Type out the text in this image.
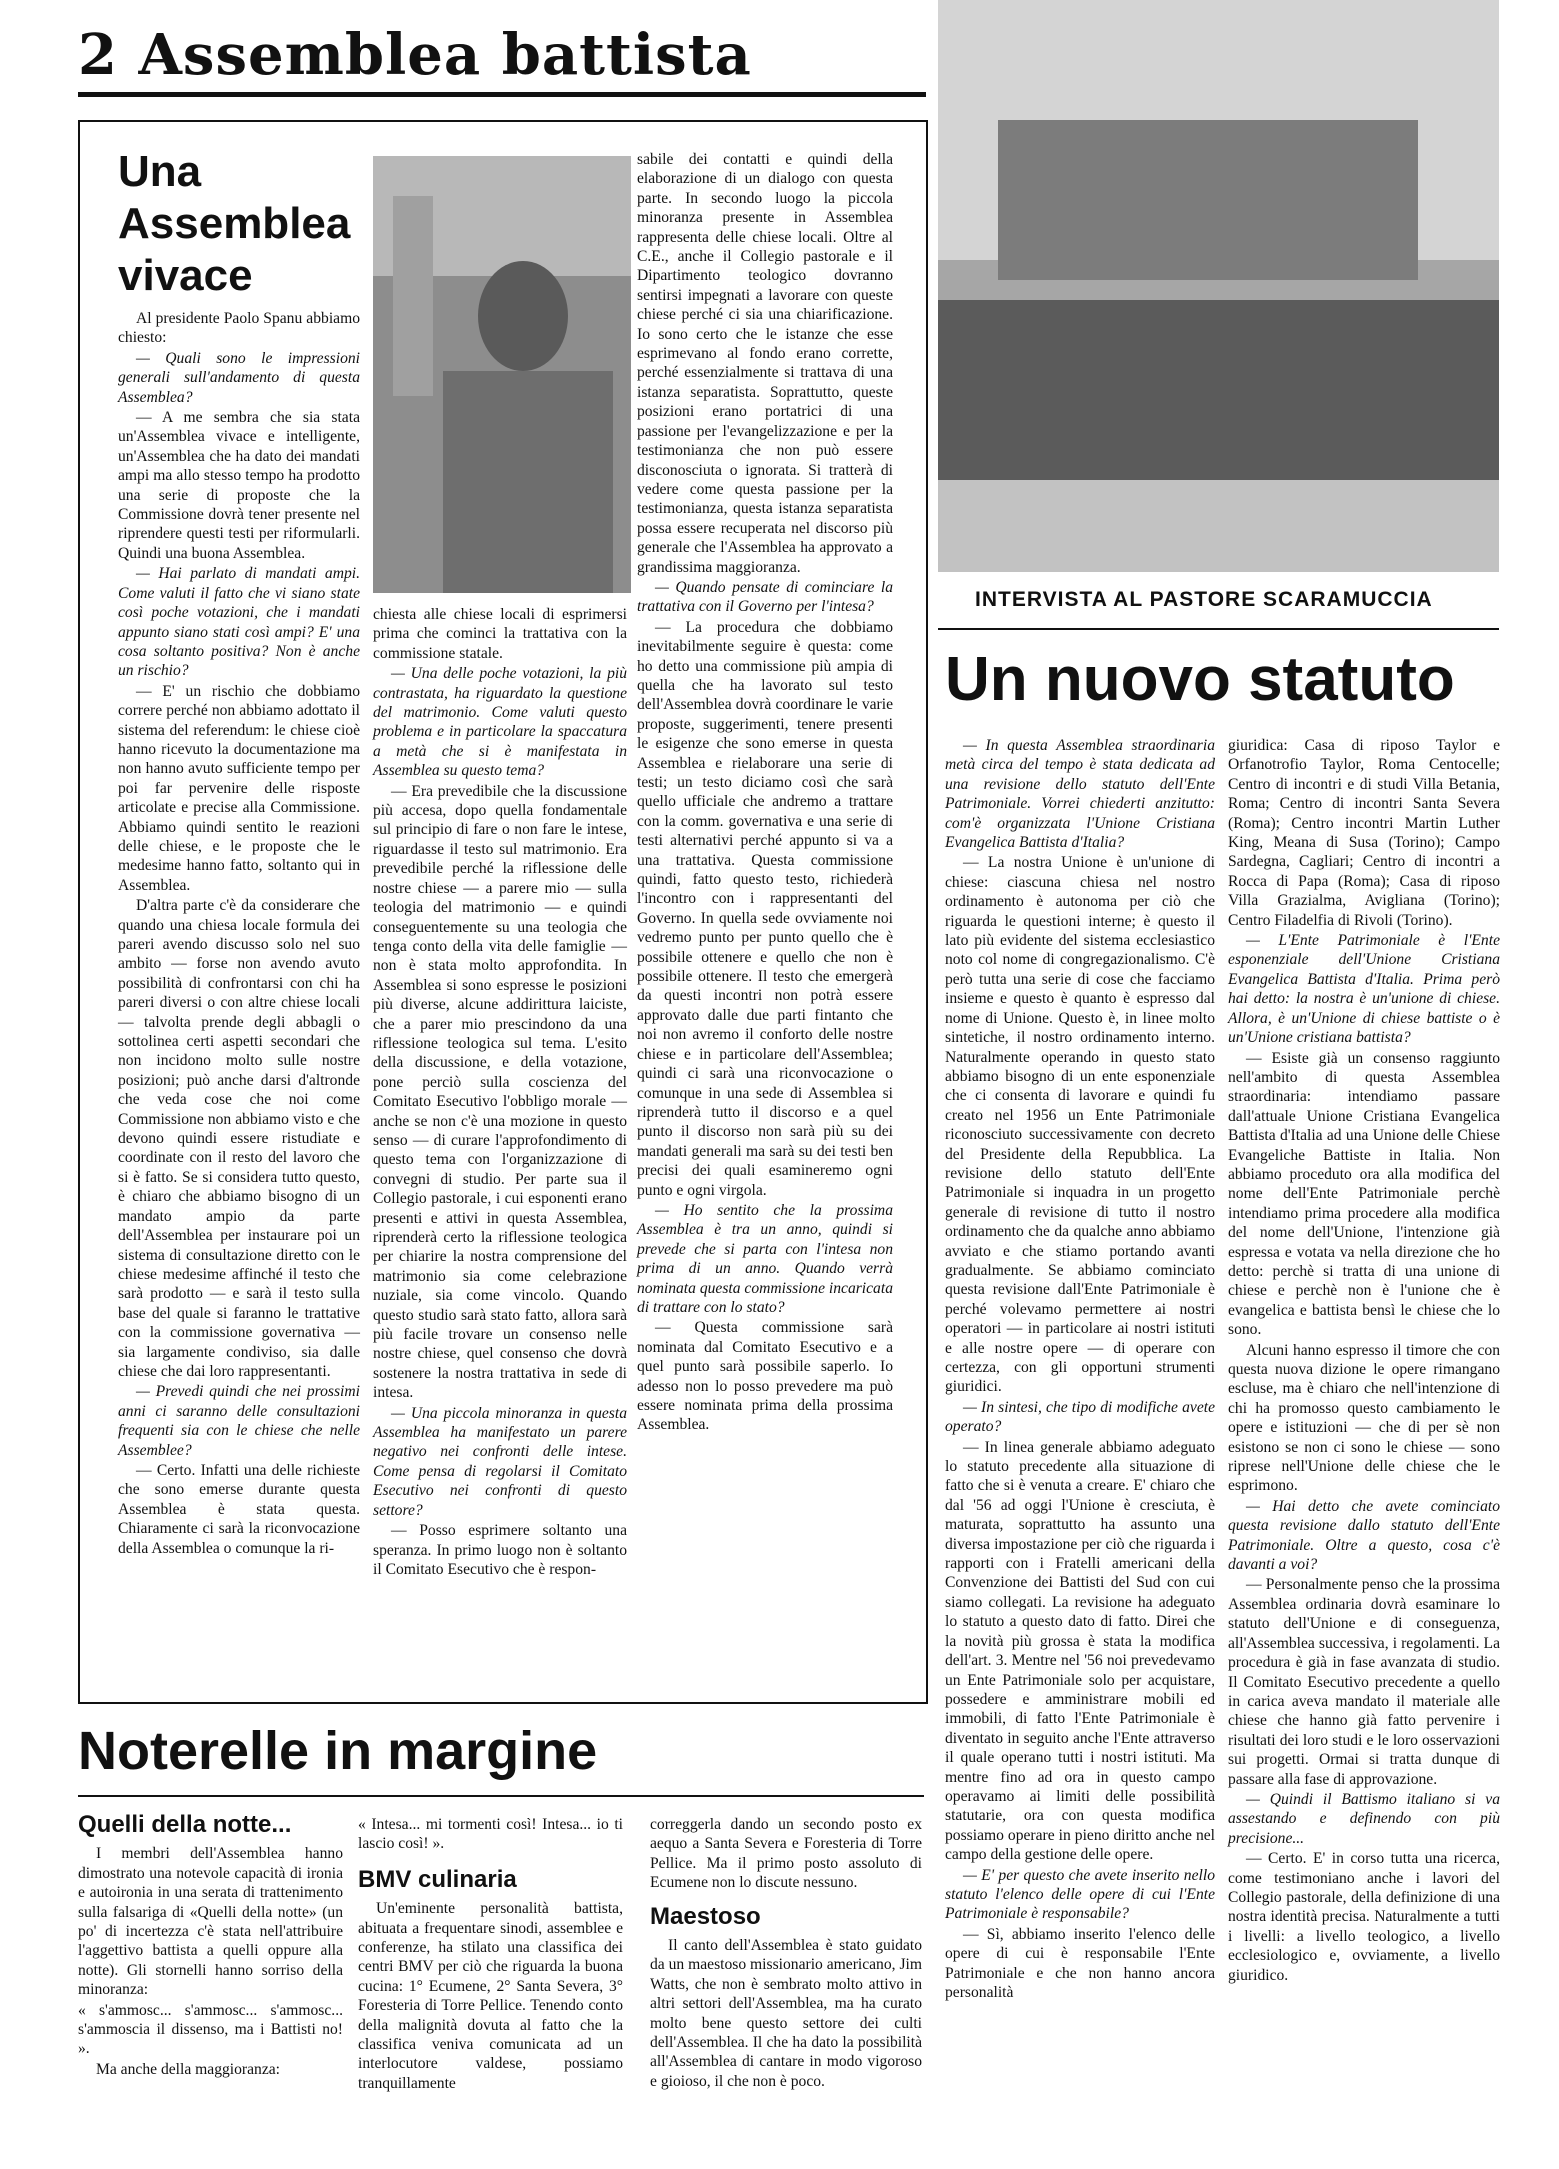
2 Assemblea battista
Una
Assemblea
vivace

Al presidente Paolo Spanu abbiamo chiesto:

— Quali sono le impressioni generali sull'andamento di questa Assemblea?

— A me sembra che sia stata un'Assemblea vivace e intelligente, un'Assemblea che ha dato dei mandati ampi ma allo stesso tempo ha prodotto una serie di proposte che la Commissione dovrà tener presente nel riprendere questi testi per riformularli. Quindi una buona Assemblea.

— Hai parlato di mandati ampi. Come valuti il fatto che vi siano state così poche votazioni, che i mandati appunto siano stati così ampi? E' una cosa soltanto positiva? Non è anche un rischio?

— E' un rischio che dobbiamo correre perché non abbiamo adottato il sistema del referendum: le chiese cioè hanno ricevuto la documentazione ma non hanno avuto sufficiente tempo per poi far pervenire delle risposte articolate e precise alla Commissione. Abbiamo quindi sentito le reazioni delle chiese, e le proposte che le medesime hanno fatto, soltanto qui in Assemblea.

D'altra parte c'è da considerare che quando una chiesa locale formula dei pareri avendo discusso solo nel suo ambito — forse non avendo avuto possibilità di confrontarsi con chi ha pareri diversi o con altre chiese locali — talvolta prende degli abbagli o sottolinea certi aspetti secondari che non incidono molto sulle nostre posizioni; può anche darsi d'altronde che veda cose che noi come Commissione non abbiamo visto e che devono quindi essere ristudiate e coordinate con il resto del lavoro che si è fatto. Se si considera tutto questo, è chiaro che abbiamo bisogno di un mandato ampio da parte dell'Assemblea per instaurare poi un sistema di consultazione diretto con le chiese medesime affinché il testo che sarà prodotto — e sarà il testo sulla base del quale si faranno le trattative con la commissione governativa — sia largamente condiviso, sia dalle chiese che dai loro rappresentanti.

— Prevedi quindi che nei prossimi anni ci saranno delle consultazioni frequenti sia con le chiese che nelle Assemblee?

— Certo. Infatti una delle richieste che sono emerse durante questa Assemblea è stata questa. Chiaramente ci sarà la riconvocazione della Assemblea o comunque la ri-

chiesta alle chiese locali di esprimersi prima che cominci la trattativa con la commissione statale.

— Una delle poche votazioni, la più contrastata, ha riguardato la questione del matrimonio. Come valuti questo problema e in particolare la spaccatura a metà che si è manifestata in Assemblea su questo tema?

— Era prevedibile che la discussione più accesa, dopo quella fondamentale sul principio di fare o non fare le intese, riguardasse il testo sul matrimonio. Era prevedibile perché la riflessione delle nostre chiese — a parere mio — sulla teologia del matrimonio — e quindi conseguentemente su una teologia che tenga conto della vita delle famiglie — non è stata molto approfondita. In Assemblea si sono espresse le posizioni più diverse, alcune addirittura laiciste, che a parer mio prescindono da una riflessione teologica sul tema. L'esito della discussione, e della votazione, pone perciò sulla coscienza del Comitato Esecutivo l'obbligo morale — anche se non c'è una mozione in questo senso — di curare l'approfondimento di questo tema con l'organizzazione di convegni di studio. Per parte sua il Collegio pastorale, i cui esponenti erano presenti e attivi in questa Assemblea, riprenderà certo la riflessione teologica per chiarire la nostra comprensione del matrimonio sia come celebrazione nuziale, sia come vincolo. Quando questo studio sarà stato fatto, allora sarà più facile trovare un consenso nelle nostre chiese, quel consenso che dovrà sostenere la nostra trattativa in sede di intesa.

— Una piccola minoranza in questa Assemblea ha manifestato un parere negativo nei confronti delle intese. Come pensa di regolarsi il Comitato Esecutivo nei confronti di questo settore?

— Posso esprimere soltanto una speranza. In primo luogo non è soltanto il Comitato Esecutivo che è respon-

sabile dei contatti e quindi della elaborazione di un dialogo con questa parte. In secondo luogo la piccola minoranza presente in Assemblea rappresenta delle chiese locali. Oltre al C.E., anche il Collegio pastorale e il Dipartimento teologico dovranno sentirsi impegnati a lavorare con queste chiese perché ci sia una chiarificazione. Io sono certo che le istanze che esse esprimevano al fondo erano corrette, perché essenzialmente si trattava di una istanza separatista. Soprattutto, queste posizioni erano portatrici di una passione per l'evangelizzazione e per la testimonianza che non può essere disconosciuta o ignorata. Si tratterà di vedere come questa passione per la testimonianza, questa istanza separatista possa essere recuperata nel discorso più generale che l'Assemblea ha approvato a grandissima maggioranza.

— Quando pensate di cominciare la trattativa con il Governo per l'intesa?

— La procedura che dobbiamo inevitabilmente seguire è questa: come ho detto una commissione più ampia di quella che ha lavorato sul testo dell'Assemblea dovrà coordinare le varie proposte, suggerimenti, tenere presenti le esigenze che sono emerse in questa Assemblea e rielaborare una serie di testi; un testo diciamo così che sarà quello ufficiale che andremo a trattare con la comm. governativa e una serie di testi alternativi perché appunto si va a una trattativa. Questa commissione quindi, fatto questo testo, richiederà l'incontro con i rappresentanti del Governo. In quella sede ovviamente noi vedremo punto per punto quello che è possibile ottenere e quello che non è possibile ottenere. Il testo che emergerà da questi incontri non potrà essere approvato dalle due parti fintanto che noi non avremo il conforto delle nostre chiese e in particolare dell'Assemblea; quindi ci sarà una riconvocazione o comunque in una sede di Assemblea si riprenderà tutto il discorso e a quel punto il discorso non sarà più su dei mandati generali ma sarà su dei testi ben precisi dei quali esamineremo ogni punto e ogni virgola.

— Ho sentito che la prossima Assemblea è tra un anno, quindi si prevede che si parta con l'intesa non prima di un anno. Quando verrà nominata questa commissione incaricata di trattare con lo stato?

— Questa commissione sarà nominata dal Comitato Esecutivo e a quel punto sarà possibile saperlo. Io adesso non lo posso prevedere ma può essere nominata prima della prossima Assemblea.

INTERVISTA AL PASTORE SCARAMUCCIA
Un nuovo statuto

— In questa Assemblea straordinaria metà circa del tempo è stata dedicata ad una revisione dello statuto dell'Ente Patrimoniale. Vorrei chiederti anzitutto: com'è organizzata l'Unione Cristiana Evangelica Battista d'Italia?

— La nostra Unione è un'unione di chiese: ciascuna chiesa nel nostro ordinamento è autonoma per ciò che riguarda le questioni interne; è questo il lato più evidente del sistema ecclesiastico noto col nome di congregazionalismo. C'è però tutta una serie di cose che facciamo insieme e questo è quanto è espresso dal nome di Unione. Questo è, in linee molto sintetiche, il nostro ordinamento interno. Naturalmente operando in questo stato abbiamo bisogno di un ente esponenziale che ci consenta di lavorare e quindi fu creato nel 1956 un Ente Patrimoniale riconosciuto successivamente con decreto del Presidente della Repubblica. La revisione dello statuto dell'Ente Patrimoniale si inquadra in un progetto generale di revisione di tutto il nostro ordinamento che da qualche anno abbiamo avviato e che stiamo portando avanti gradualmente. Se abbiamo cominciato questa revisione dall'Ente Patrimoniale è perché volevamo permettere ai nostri operatori — in particolare ai nostri istituti e alle nostre opere — di operare con certezza, con gli opportuni strumenti giuridici.

— In sintesi, che tipo di modifiche avete operato?

— In linea generale abbiamo adeguato lo statuto precedente alla situazione di fatto che si è venuta a creare. E' chiaro che dal '56 ad oggi l'Unione è cresciuta, è maturata, soprattutto ha assunto una diversa impostazione per ciò che riguarda i rapporti con i Fratelli americani della Convenzione dei Battisti del Sud con cui siamo collegati. La revisione ha adeguato lo statuto a questo dato di fatto. Direi che la novità più grossa è stata la modifica dell'art. 3. Mentre nel '56 noi prevedevamo un Ente Patrimoniale solo per acquistare, possedere e amministrare mobili ed immobili, di fatto l'Ente Patrimoniale è diventato in seguito anche l'Ente attraverso il quale operano tutti i nostri istituti. Ma mentre fino ad ora in questo campo operavamo ai limiti delle possibilità statutarie, ora con questa modifica possiamo operare in pieno diritto anche nel campo della gestione delle opere.

— E' per questo che avete inserito nello statuto l'elenco delle opere di cui l'Ente Patrimoniale è responsabile?

— Sì, abbiamo inserito l'elenco delle opere di cui è responsabile l'Ente Patrimoniale e che non hanno ancora personalità

giuridica: Casa di riposo Taylor e Orfanotrofio Taylor, Roma Centocelle; Centro di incontri e di studi Villa Betania, Roma; Centro di incontri Santa Severa (Roma); Centro incontri Martin Luther King, Meana di Susa (Torino); Campo Sardegna, Cagliari; Centro di incontri a Rocca di Papa (Roma); Casa di riposo Villa Grazialma, Avigliana (Torino); Centro Filadelfia di Rivoli (Torino).

— L'Ente Patrimoniale è l'Ente esponenziale dell'Unione Cristiana Evangelica Battista d'Italia. Prima però hai detto: la nostra è un'unione di chiese. Allora, è un'Unione di chiese battiste o è un'Unione cristiana battista?

— Esiste già un consenso raggiunto nell'ambito di questa Assemblea straordinaria: intendiamo passare dall'attuale Unione Cristiana Evangelica Battista d'Italia ad una Unione delle Chiese Evangeliche Battiste in Italia. Non abbiamo proceduto ora alla modifica del nome dell'Ente Patrimoniale perchè intendiamo prima procedere alla modifica del nome dell'Unione, l'intenzione già espressa e votata va nella direzione che ho detto: perchè si tratta di una unione di chiese e perchè non è l'unione che è evangelica e battista bensì le chiese che lo sono.

Alcuni hanno espresso il timore che con questa nuova dizione le opere rimangano escluse, ma è chiaro che nell'intenzione di chi ha promosso questo cambiamento le opere e istituzioni — che di per sè non esistono se non ci sono le chiese — sono riprese nell'Unione delle chiese che le esprimono.

— Hai detto che avete cominciato questa revisione dallo statuto dell'Ente Patrimoniale. Oltre a questo, cosa c'è davanti a voi?

— Personalmente penso che la prossima Assemblea ordinaria dovrà esaminare lo statuto dell'Unione e di conseguenza, all'Assemblea successiva, i regolamenti. La procedura è già in fase avanzata di studio. Il Comitato Esecutivo precedente a quello in carica aveva mandato il materiale alle chiese che hanno già fatto pervenire i risultati dei loro studi e le loro osservazioni sui progetti. Ormai si tratta dunque di passare alla fase di approvazione.

— Quindi il Battismo italiano si va assestando e definendo con più precisione...

— Certo. E' in corso tutta una ricerca, come testimoniano anche i lavori del Collegio pastorale, della definizione di una nostra identità precisa. Naturalmente a tutti i livelli: a livello teologico, a livello ecclesiologico e, ovviamente, a livello giuridico.

Noterelle in margine
Quelli della notte...

I membri dell'Assemblea hanno dimostrato una notevole capacità di ironia e autoironia in una serata di trattenimento sulla falsariga di «Quelli della notte» (un po' di incertezza c'è stata nell'attribuire l'aggettivo battista a quelli oppure alla notte). Gli stornelli hanno sorriso della minoranza:

« s'ammosc... s'ammosc... s'ammosc... s'ammoscia il dissenso, ma i Battisti no! ».

Ma anche della maggioranza:

« Intesa... mi tormenti così! Intesa... io ti lascio così! ».

BMV culinaria

Un'eminente personalità battista, abituata a frequentare sinodi, assemblee e conferenze, ha stilato una classifica dei centri BMV per ciò che riguarda la buona cucina: 1° Ecumene, 2° Santa Severa, 3° Foresteria di Torre Pellice. Tenendo conto della malignità dovuta al fatto che la classifica veniva comunicata ad un interlocutore valdese, possiamo tranquillamente

correggerla dando un secondo posto ex aequo a Santa Severa e Foresteria di Torre Pellice. Ma il primo posto assoluto di Ecumene non lo discute nessuno.

Maestoso

Il canto dell'Assemblea è stato guidato da un maestoso missionario americano, Jim Watts, che non è sembrato molto attivo in altri settori dell'Assemblea, ma ha curato molto bene questo settore dei culti dell'Assemblea. Il che ha dato la possibilità all'Assemblea di cantare in modo vigoroso e gioioso, il che non è poco.
